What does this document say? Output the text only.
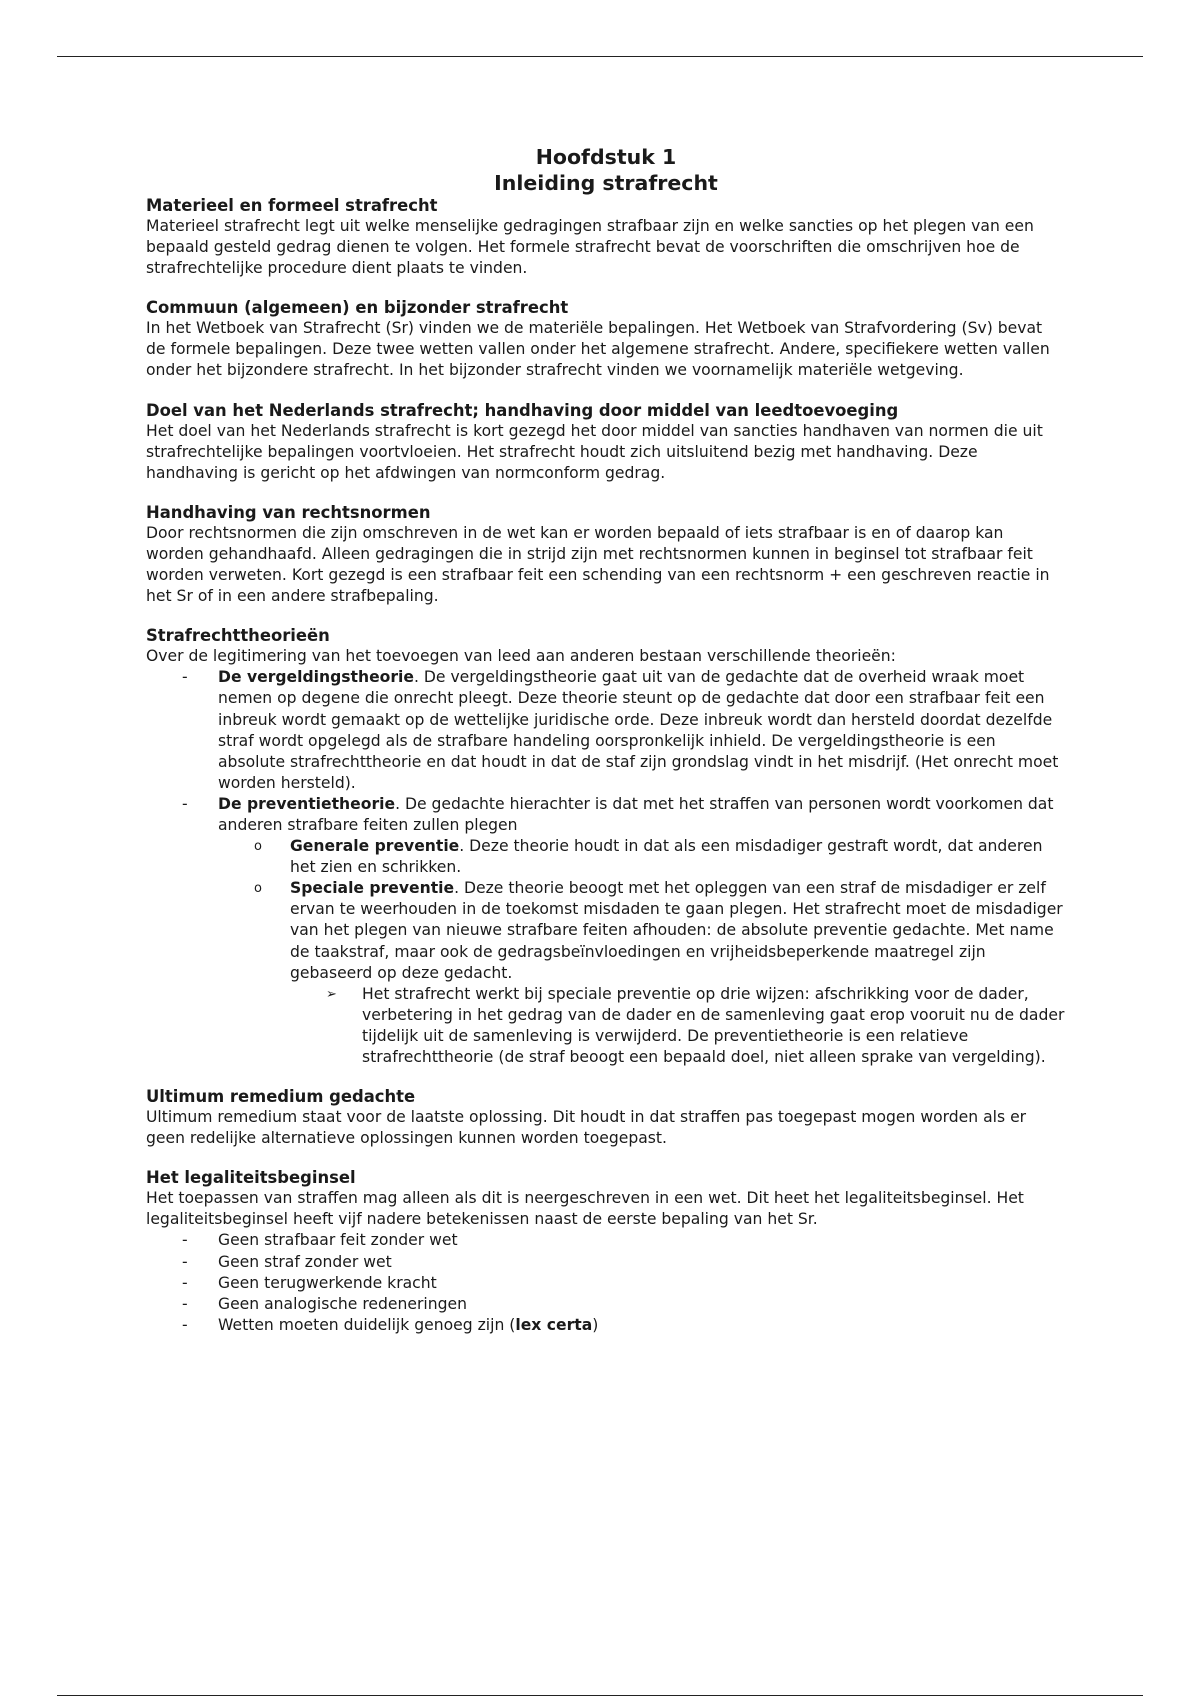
Hoofdstuk 1

Inleiding strafrecht

Materieel en formeel strafrecht

Materieel strafrecht legt uit welke menselijke gedragingen strafbaar zijn en welke sancties op het plegen van een bepaald gesteld gedrag dienen te volgen. Het formele strafrecht bevat de voorschriften die omschrijven hoe de strafrechtelijke procedure dient plaats te vinden.

Commuun (algemeen) en bijzonder strafrecht

In het Wetboek van Strafrecht (Sr) vinden we de materiële bepalingen. Het Wetboek van Strafvordering (Sv) bevat de formele bepalingen. Deze twee wetten vallen onder het algemene strafrecht. Andere, specifiekere wetten vallen onder het bijzondere strafrecht. In het bijzonder strafrecht vinden we voornamelijk materiële wetgeving.

Doel van het Nederlands strafrecht; handhaving door middel van leedtoevoeging

Het doel van het Nederlands strafrecht is kort gezegd het door middel van sancties handhaven van normen die uit strafrechtelijke bepalingen voortvloeien. Het strafrecht houdt zich uitsluitend bezig met handhaving. Deze handhaving is gericht op het afdwingen van normconform gedrag.

Handhaving van rechtsnormen

Door rechtsnormen die zijn omschreven in de wet kan er worden bepaald of iets strafbaar is en of daarop kan worden gehandhaafd. Alleen gedragingen die in strijd zijn met rechtsnormen kunnen in beginsel tot strafbaar feit worden verweten. Kort gezegd is een strafbaar feit een schending van een rechtsnorm + een geschreven reactie in het Sr of in een andere strafbepaling.

Strafrechttheorieën

Over de legitimering van het toevoegen van leed aan anderen bestaan verschillende theorieën:

- De vergeldingstheorie. De vergeldingstheorie gaat uit van de gedachte dat de overheid wraak moet nemen op degene die onrecht pleegt. Deze theorie steunt op de gedachte dat door een strafbaar feit een inbreuk wordt gemaakt op de wettelijke juridische orde. Deze inbreuk wordt dan hersteld doordat dezelfde straf wordt opgelegd als de strafbare handeling oorspronkelijk inhield. De vergeldingstheorie is een absolute strafrechttheorie en dat houdt in dat de staf zijn grondslag vindt in het misdrijf. (Het onrecht moet worden hersteld).
- De preventietheorie. De gedachte hierachter is dat met het straffen van personen wordt voorkomen dat anderen strafbare feiten zullen plegen
o Generale preventie. Deze theorie houdt in dat als een misdadiger gestraft wordt, dat anderen het zien en schrikken.
o Speciale preventie. Deze theorie beoogt met het opleggen van een straf de misdadiger er zelf ervan te weerhouden in de toekomst misdaden te gaan plegen. Het strafrecht moet de misdadiger van het plegen van nieuwe strafbare feiten afhouden: de absolute preventie gedachte. Met name de taakstraf, maar ook de gedragsbeïnvloedingen en vrijheidsbeperkende maatregel zijn gebaseerd op deze gedacht.
➢ Het strafrecht werkt bij speciale preventie op drie wijzen: afschrikking voor de dader, verbetering in het gedrag van de dader en de samenleving gaat erop vooruit nu de dader tijdelijk uit de samenleving is verwijderd. De preventietheorie is een relatieve strafrechttheorie (de straf beoogt een bepaald doel, niet alleen sprake van vergelding).
Ultimum remedium gedachte

Ultimum remedium staat voor de laatste oplossing. Dit houdt in dat straffen pas toegepast mogen worden als er geen redelijke alternatieve oplossingen kunnen worden toegepast.

Het legaliteitsbeginsel

Het toepassen van straffen mag alleen als dit is neergeschreven in een wet. Dit heet het legaliteitsbeginsel. Het legaliteitsbeginsel heeft vijf nadere betekenissen naast de eerste bepaling van het Sr.

- Geen strafbaar feit zonder wet
- Geen straf zonder wet
- Geen terugwerkende kracht
- Geen analogische redeneringen
- Wetten moeten duidelijk genoeg zijn (lex certa)
